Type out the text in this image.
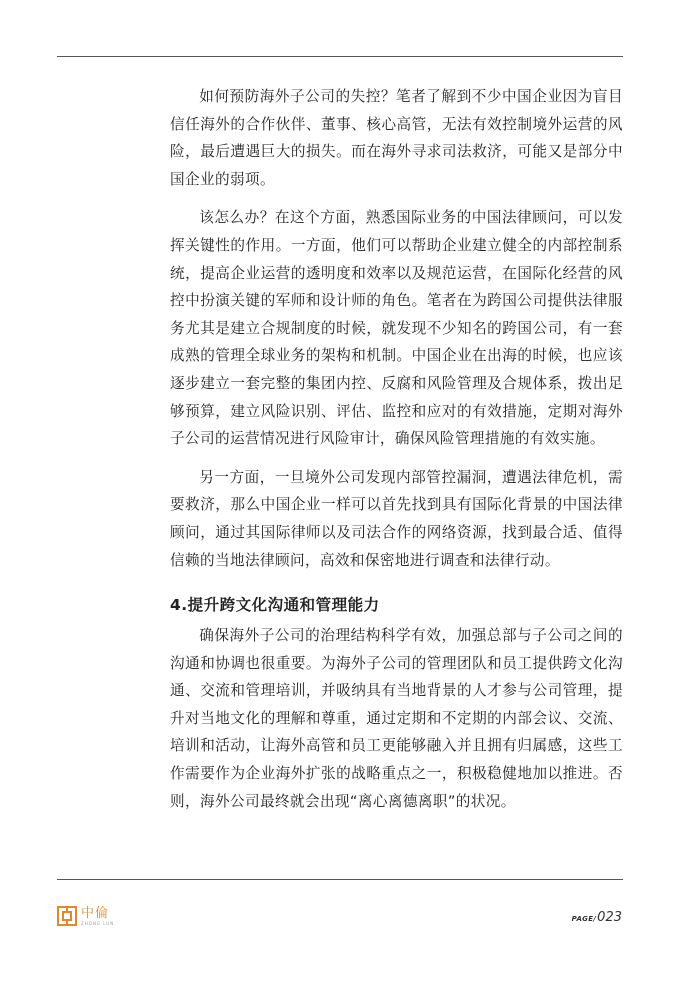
如何预防海外子公司的失控？笔者了解到不少中国企业因为盲目信任海外的合作伙伴、董事、核心高管，无法有效控制境外运营的风险，最后遭遇巨大的损失。而在海外寻求司法救济，可能又是部分中国企业的弱项。

该怎么办？在这个方面，熟悉国际业务的中国法律顾问，可以发挥关键性的作用。一方面，他们可以帮助企业建立健全的内部控制系统，提高企业运营的透明度和效率以及规范运营，在国际化经营的风控中扮演关键的军师和设计师的角色。笔者在为跨国公司提供法律服务尤其是建立合规制度的时候，就发现不少知名的跨国公司，有一套成熟的管理全球业务的架构和机制。中国企业在出海的时候，也应该逐步建立一套完整的集团内控、反腐和风险管理及合规体系，拨出足够预算，建立风险识别、评估、监控和应对的有效措施，定期对海外子公司的运营情况进行风险审计，确保风险管理措施的有效实施。

另一方面，一旦境外公司发现内部管控漏洞，遭遇法律危机，需要救济，那么中国企业一样可以首先找到具有国际化背景的中国法律顾问，通过其国际律师以及司法合作的网络资源，找到最合适、值得信赖的当地法律顾问，高效和保密地进行调查和法律行动。

4.提升跨文化沟通和管理能力

确保海外子公司的治理结构科学有效，加强总部与子公司之间的沟通和协调也很重要。为海外子公司的管理团队和员工提供跨文化沟通、交流和管理培训，并吸纳具有当地背景的人才参与公司管理，提升对当地文化的理解和尊重，通过定期和不定期的内部会议、交流、培训和活动，让海外高管和员工更能够融入并且拥有归属感，这些工作需要作为企业海外扩张的战略重点之一，积极稳健地加以推进。否则，海外公司最终就会出现“离心离德离职”的状况。

中倫
ZHONG LUN	PAGE/ 023
